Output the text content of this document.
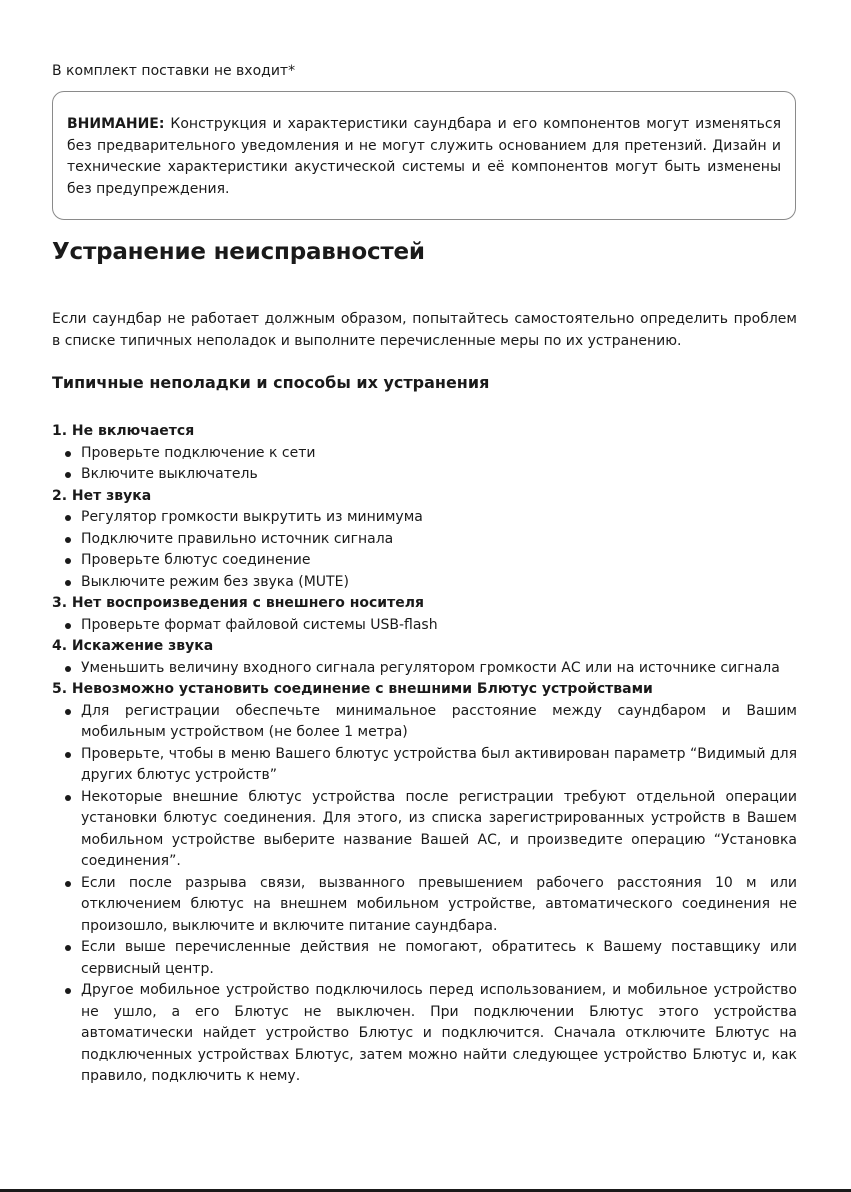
В комплект поставки не входит*
ВНИМАНИЕ: Конструкция и характеристики саундбара и его компонентов могут изменяться без предварительного уведомления и не могут служить основанием для претензий. Дизайн и технические характеристики акустической системы и её компонентов могут быть изменены без предупреждения.
Устранение неисправностей
Если саундбар не работает должным образом, попытайтесь самостоятельно определить проблем в списке типичных неполадок и выполните перечисленные меры по их устранению.
Типичные неполадки и способы их устранения
1. Не включается
Проверьте подключение к сети
Включите выключатель
2. Нет звука
Регулятор громкости выкрутить из минимума
Подключите правильно источник сигнала
Проверьте блютус соединение
Выключите режим без звука (MUTE)
3. Нет воспроизведения с внешнего носителя
Проверьте формат файловой системы USB-flash
4. Искажение звука
Уменьшить величину входного сигнала регулятором громкости АС или на источнике сигнала
5. Невозможно установить соединение с внешними Блютус устройствами
Для регистрации обеспечьте минимальное расстояние между саундбаром и Вашим мобильным устройством (не более 1 метра)
Проверьте, чтобы в меню Вашего блютус устройства был активирован параметр “Видимый для других блютус устройств”
Некоторые внешние блютус устройства после регистрации требуют отдельной операции установки блютус соединения. Для этого, из списка зарегистрированных устройств в Вашем мобильном устройстве выберите название Вашей АС, и произведите операцию “Установка соединения”.
Если после разрыва связи, вызванного превышением рабочего расстояния 10 м или отключением блютус на внешнем мобильном устройстве, автоматического соединения не произошло, выключите и включите питание саундбара.
Если выше перечисленные действия не помогают, обратитесь к Вашему поставщику или сервисный центр.
Другое мобильное устройство подключилось перед использованием, и мобильное устройство не ушло, а его Блютус не выключен. При подключении Блютус этого устройства автоматически найдет устройство Блютус и подключится. Сначала отключите Блютус на подключенных устройствах Блютус, затем можно найти следующее устройство Блютус и, как правило, подключить к нему.
